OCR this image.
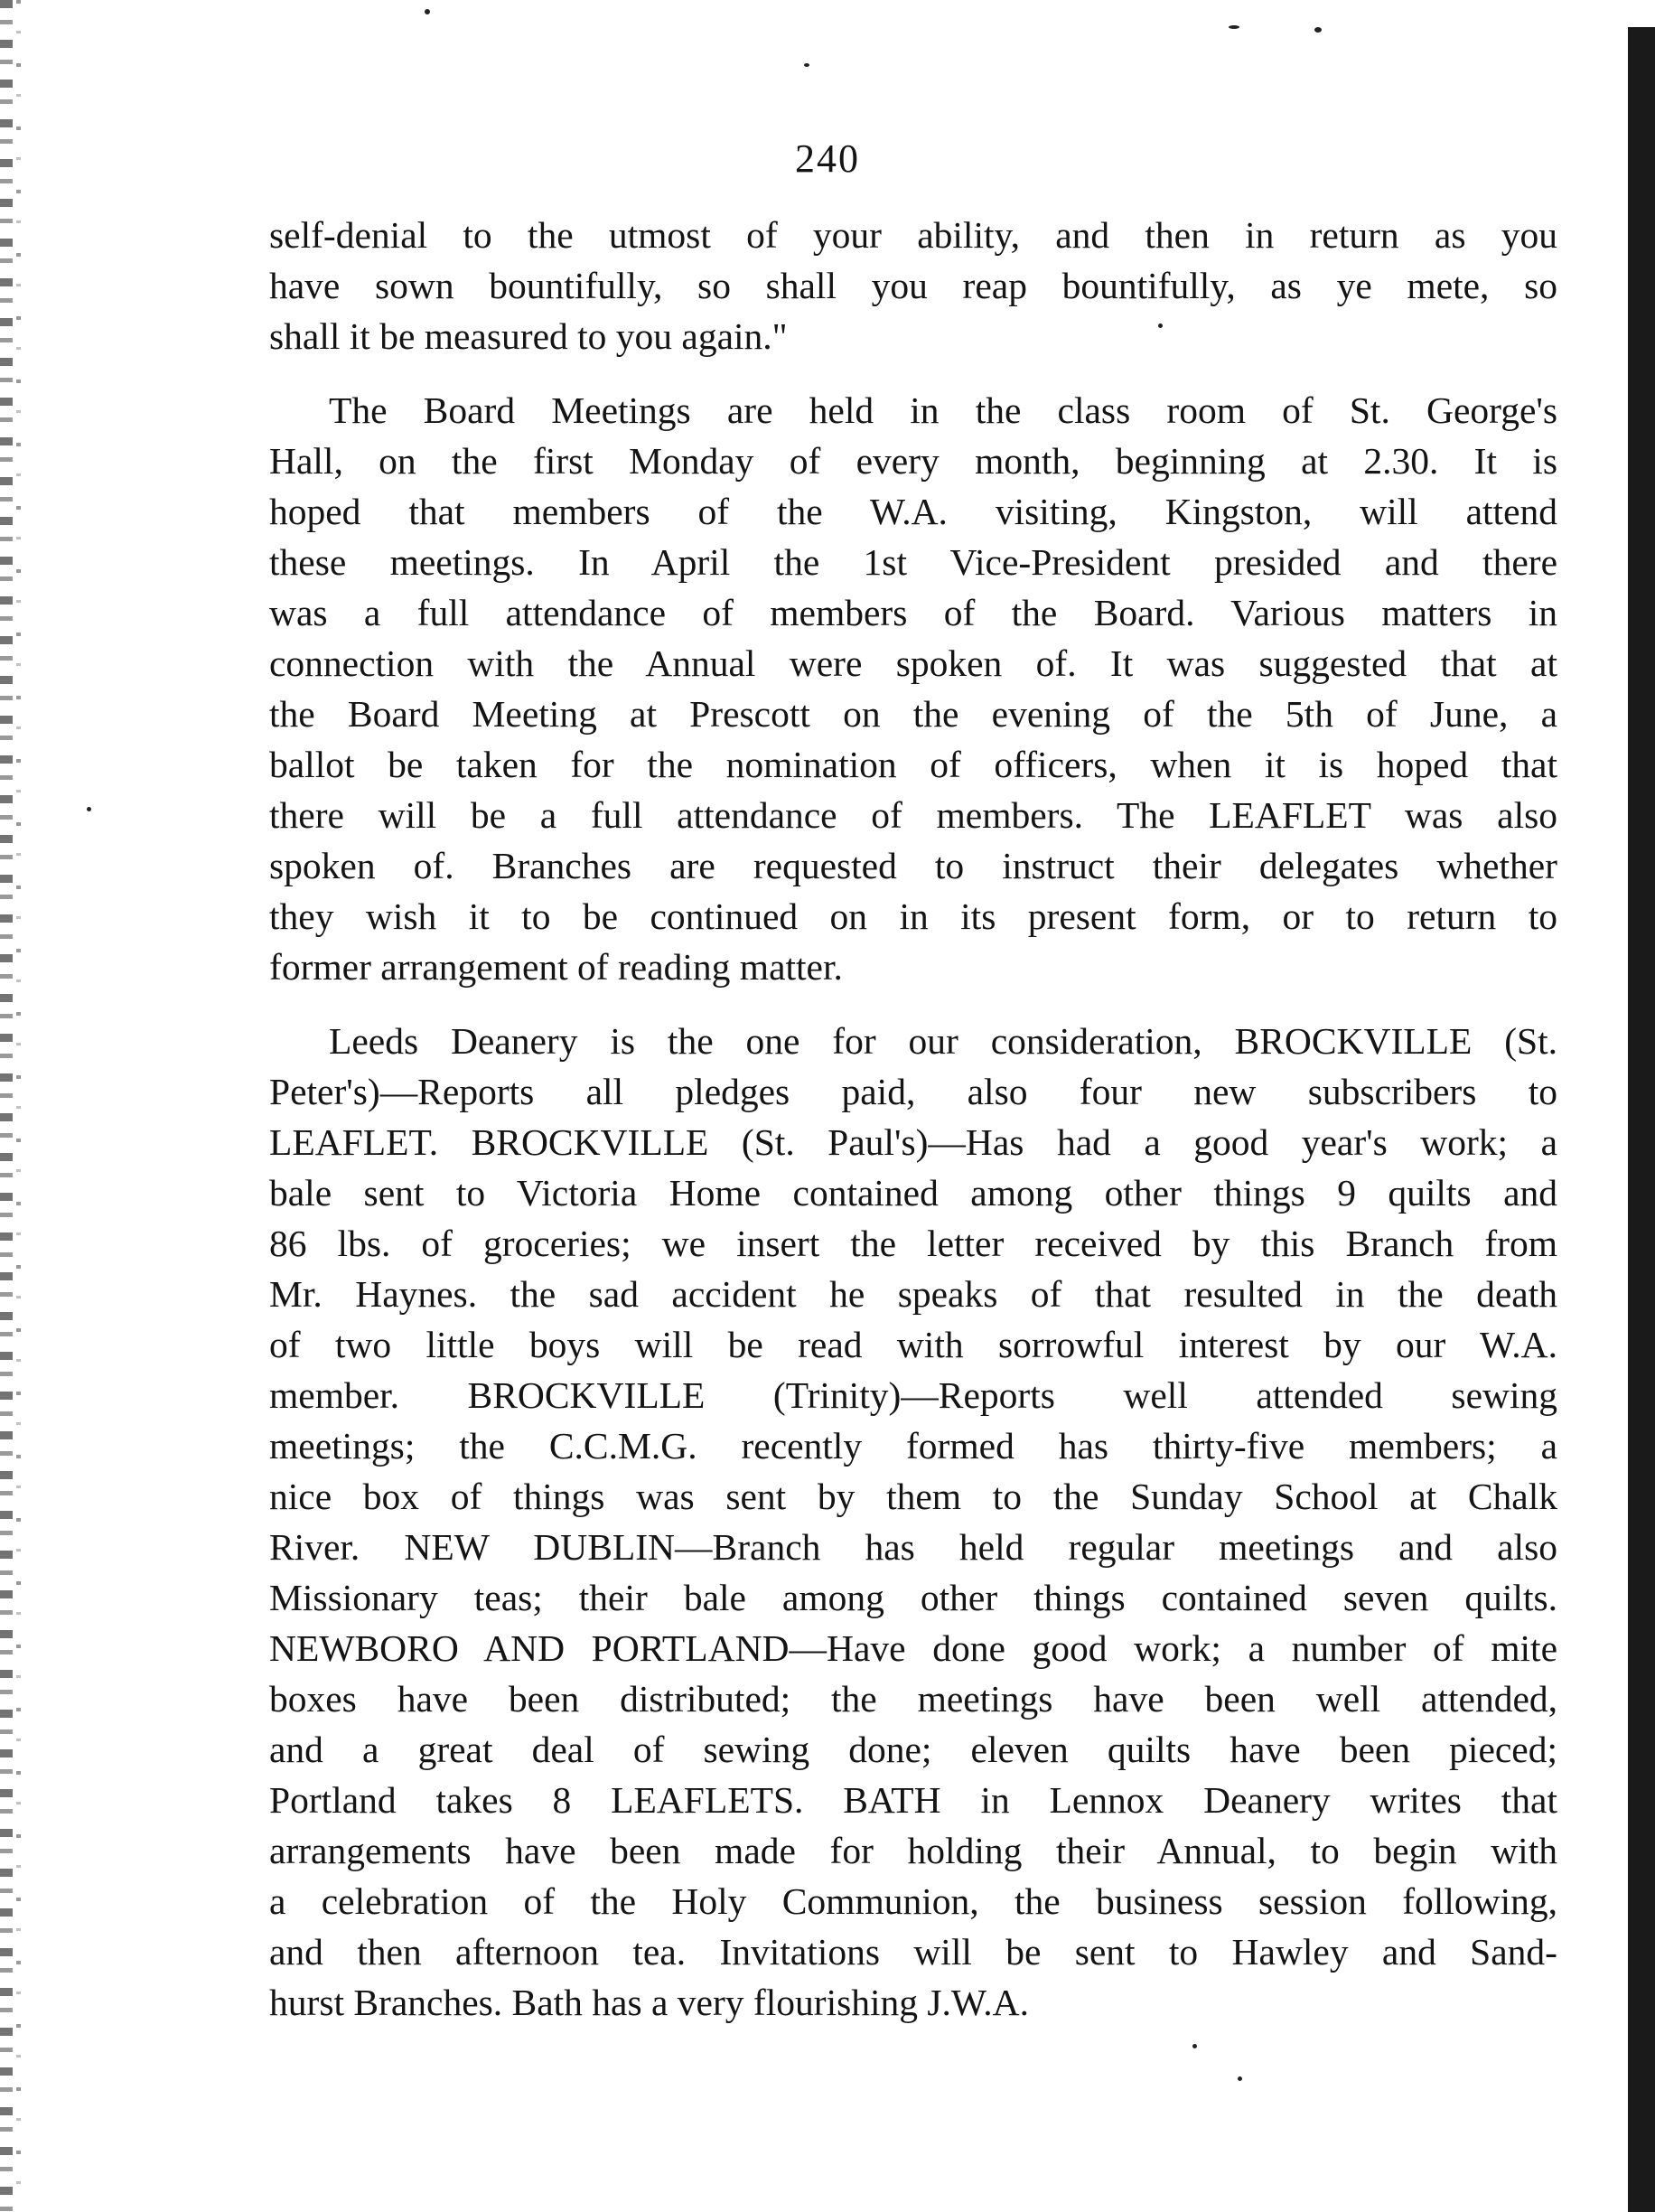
240

self-denial to the utmost of your ability, and then in return as you
have sown bountifully, so shall you reap bountifully, as ye mete, so
shall it be measured to you again."

The Board Meetings are held in the class room of St. George's
Hall, on the first Monday of every month, beginning at 2.30. It is
hoped that members of the W.A. visiting, Kingston, will attend
these meetings. In April the 1st Vice-President presided and there
was a full attendance of members of the Board. Various matters in
connection with the Annual were spoken of. It was suggested that at
the Board Meeting at Prescott on the evening of the 5th of June, a
ballot be taken for the nomination of officers, when it is hoped that
there will be a full attendance of members. The LEAFLET was also
spoken of. Branches are requested to instruct their delegates whether
they wish it to be continued on in its present form, or to return to
former arrangement of reading matter.

Leeds Deanery is the one for our consideration, BROCKVILLE (St.
Peter's)—Reports all pledges paid, also four new subscribers to
LEAFLET. BROCKVILLE (St. Paul's)—Has had a good year's work; a
bale sent to Victoria Home contained among other things 9 quilts and
86 lbs. of groceries; we insert the letter received by this Branch from
Mr. Haynes. the sad accident he speaks of that resulted in the death
of two little boys will be read with sorrowful interest by our W.A.
member. BROCKVILLE (Trinity)—Reports well attended sewing
meetings; the C.C.M.G. recently formed has thirty-five members; a
nice box of things was sent by them to the Sunday School at Chalk
River. NEW DUBLIN—Branch has held regular meetings and also
Missionary teas; their bale among other things contained seven quilts.
NEWBORO AND PORTLAND—Have done good work; a number of mite
boxes have been distributed; the meetings have been well attended,
and a great deal of sewing done; eleven quilts have been pieced;
Portland takes 8 LEAFLETS. BATH in Lennox Deanery writes that
arrangements have been made for holding their Annual, to begin with
a celebration of the Holy Communion, the business session following,
and then afternoon tea. Invitations will be sent to Hawley and Sand-
hurst Branches. Bath has a very flourishing J.W.A.
